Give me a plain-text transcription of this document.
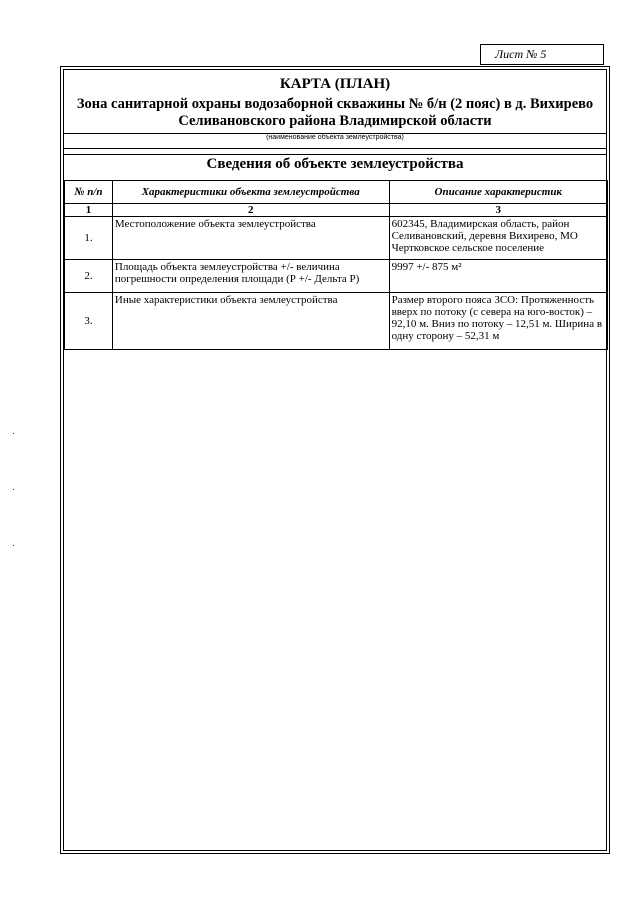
Лист № 5
·
·
·
КАРТА (ПЛАН)
Зона санитарной охраны водозаборной скважины № б/н (2 пояс) в д. Вихирево
Селивановского района Владимирской области
(наименование объекта землеустройства)
Сведения об объекте землеустройства
№ п/п	Характеристики объекта землеустройства	Описание характеристик
1	2	3
1.	Местоположение объекта землеустройства	602345, Владимирская область, район Селивановский, деревня Вихирево, МО Чертковское сельское поселение
2.	Площадь объекта землеустройства +/- величина погрешности определения площади (Р +/- Дельта Р)	9997 +/- 875 м²
3.	Иные характеристики объекта землеустройства	Размер второго пояса ЗСО: Протяженность вверх по потоку (с севера на юго-восток) – 92,10 м. Вниз по потоку – 12,51 м. Ширина в одну сторону – 52,31 м
